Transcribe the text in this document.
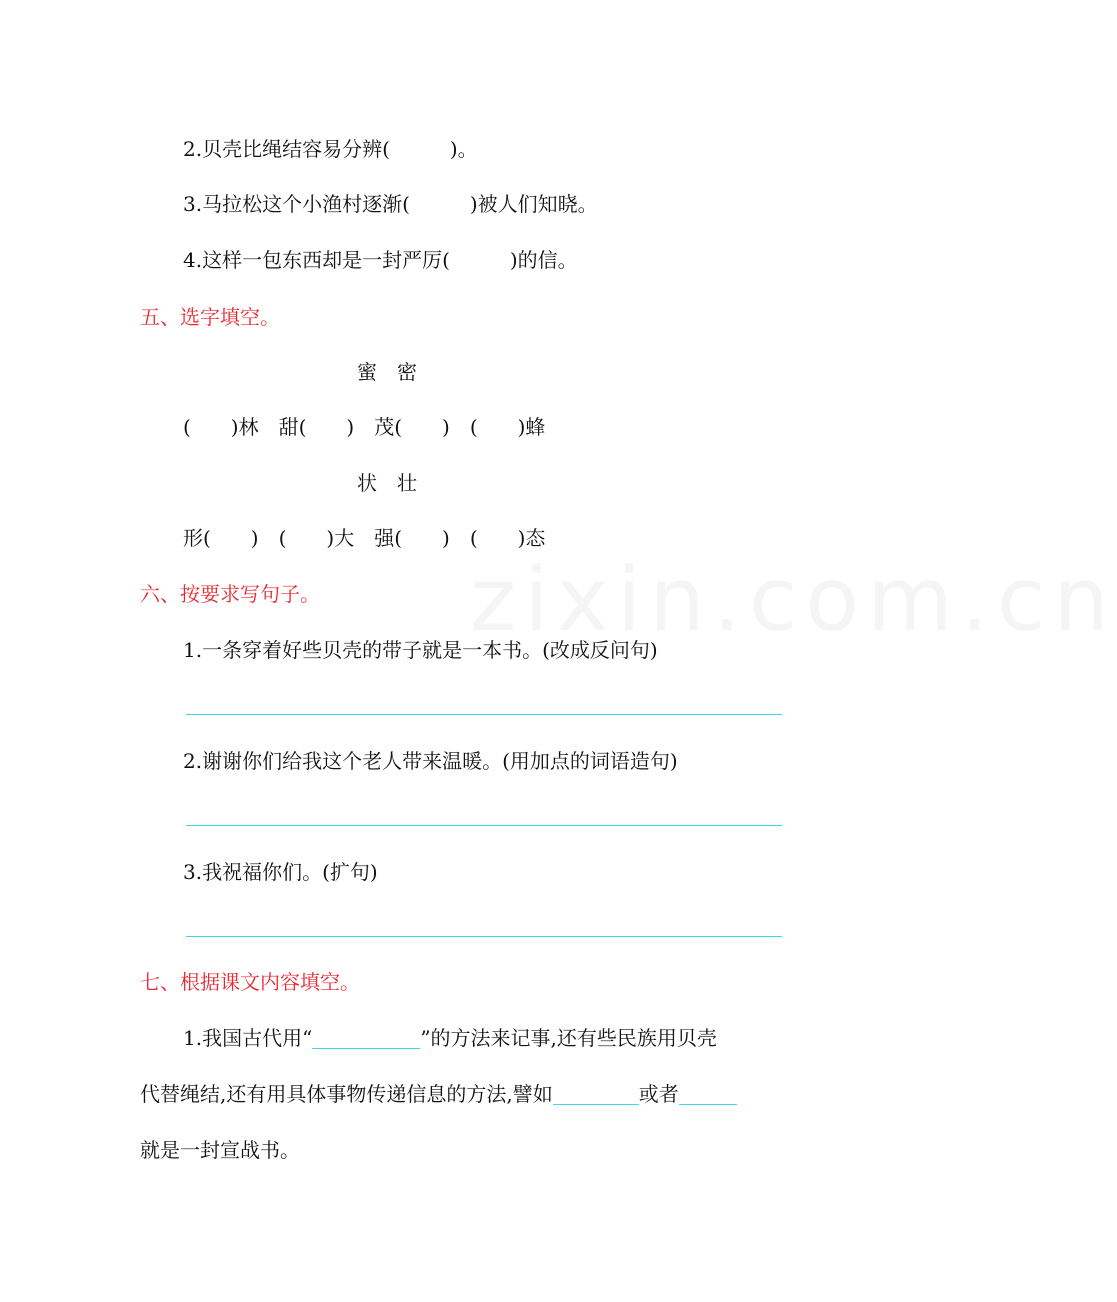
zixin.com.cn
2.贝壳比绳结容易分辨(　　　)。
3.马拉松这个小渔村逐渐(　　　)被人们知晓。
4.这样一包东西却是一封严厉(　　　)的信。
五、选字填空。
蜜　密
(　　)林　甜(　　)　茂(　　)　(　　)蜂
状　壮
形(　　)　(　　)大　强(　　)　(　　)态
六、按要求写句子。
1.一条穿着好些贝壳的带子就是一本书。(改成反问句)
2.谢谢你们给我这个老人带来温暖。(用加点的词语造句)
3.我祝福你们。(扩句)
七、根据课文内容填空。
1.我国古代用“	”的方法来记事,还有些民族用贝壳
代替绳结,还有用具体事物传递信息的方法,譬如	或者
就是一封宣战书。
